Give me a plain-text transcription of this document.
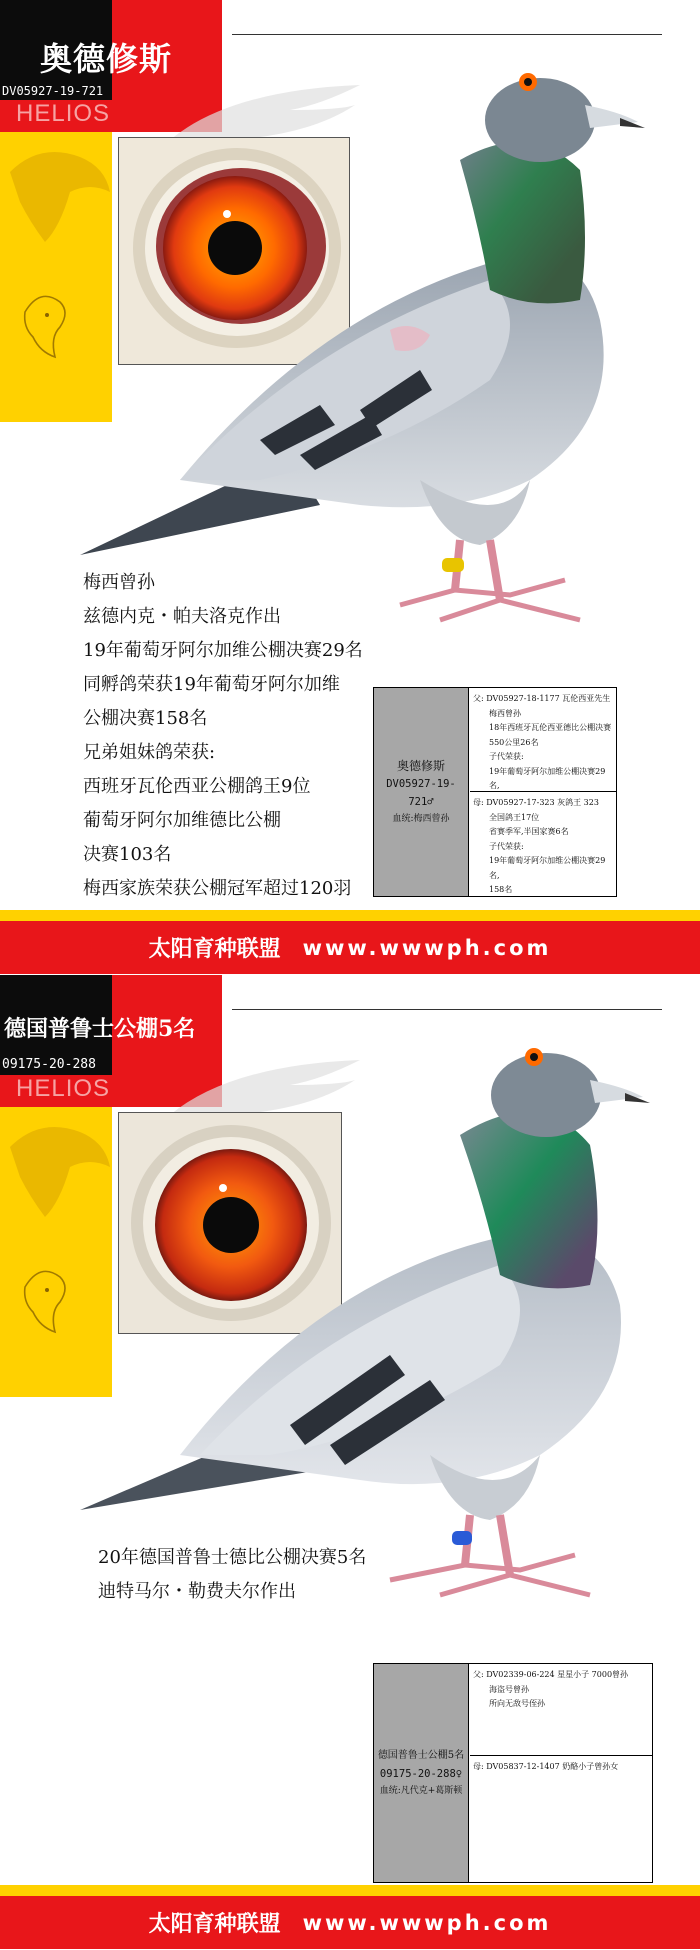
HELIOS
奥德修斯
DV05927-19-721
梅西曾孙
兹德内克・帕夫洛克作出
19年葡萄牙阿尔加维公棚决赛29名
同孵鸽荣获19年葡萄牙阿尔加维
公棚决赛158名
兄弟姐妹鸽荣获:
西班牙瓦伦西亚公棚鸽王9位
葡萄牙阿尔加维德比公棚
决赛103名
梅西家族荣获公棚冠军超过120羽
奥德修斯
DV05927-19-721♂
血统:梅西曾孙
父: DV05927-18-1177 瓦伦西亚先生
梅西曾孙
18年西班牙瓦伦西亚德比公棚决赛
550公里26名
子代荣获:
19年葡萄牙阿尔加维公棚决赛29名,
母: DV05927-17-323 灰鸽王 323
全国鸽王17位
省赛季军,半国家赛6名
子代荣获:
19年葡萄牙阿尔加维公棚决赛29名,
158名
太阳育种联盟 www.wwwph.com
HELIOS
德国普鲁士公棚5名
09175-20-288
20年德国普鲁士德比公棚决赛5名
迪特马尔・勒费夫尔作出
德国普鲁士公棚5名
09175-20-288♀
血统:凡代克+葛斯顿
父: DV02339-06-224 星星小子 7000曾孙
海盗号曾孙
所向无敌号侄孙
母: DV05837-12-1407 奶酪小子曾孙女
太阳育种联盟 www.wwwph.com
